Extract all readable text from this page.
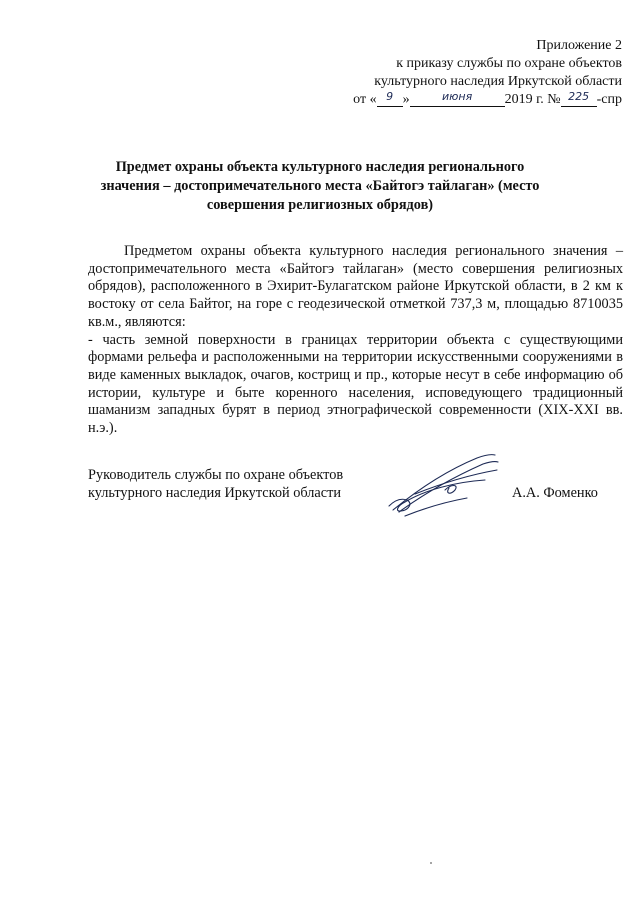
Приложение 2
к приказу службы по охране объектов
культурного наследия Иркутской области
от « $^9$ »	$^{июня}$ 2019 г. № $^{225}$ -спр
Предмет охраны объекта культурного наследия регионального значения – достопримечательного места «Байтогэ тайлаган» (место совершения религиозных обрядов)

Предметом охраны объекта культурного наследия регионального значения – достопримечательного места «Байтогэ тайлаган» (место совершения религиозных обрядов), расположенного в Эхирит-Булагатском районе Иркутской области, в 2 км к востоку от села Байтог, на горе с геодезической отметкой 737,3 м, площадью 8710035 кв.м., являются:

- часть земной поверхности в границах территории объекта с существующими формами рельефа и расположенными на территории искусственными сооружениями в виде каменных выкладок, очагов, кострищ и пр., которые несут в себе информацию об истории, культуре и быте коренного населения, исповедующего традиционный шаманизм западных бурят в период этнографической современности (XIX-XXI вв. н.э.).

Руководитель службы по охране объектов
культурного наследия Иркутской области	А.А. Фоменко
